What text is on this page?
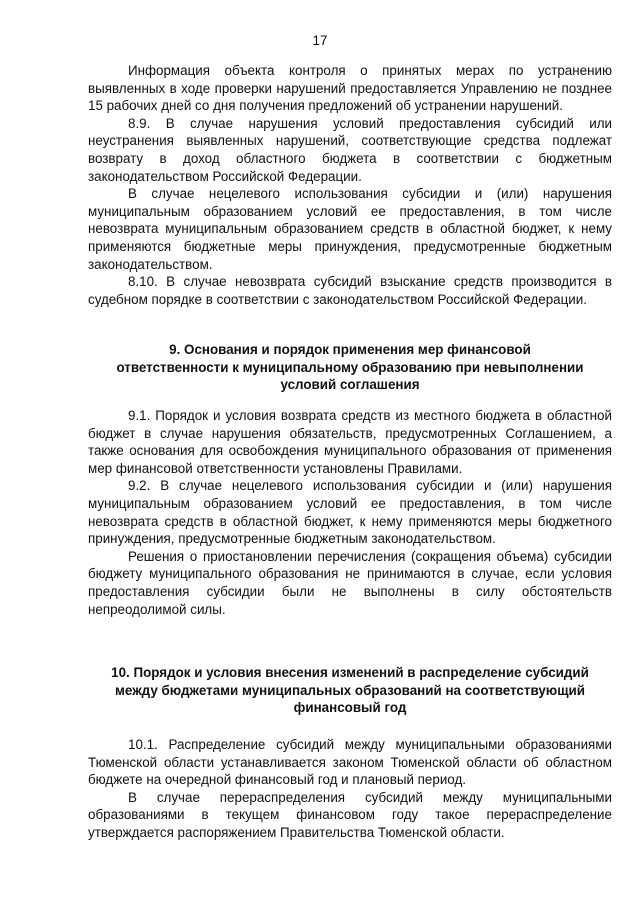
17

Информация объекта контроля о принятых мерах по устранению выявленных в ходе проверки нарушений предоставляется Управлению не позднее 15 рабочих дней со дня получения предложений об устранении нарушений.

8.9. В случае нарушения условий предоставления субсидий или неустранения выявленных нарушений, соответствующие средства подлежат возврату в доход областного бюджета в соответствии с бюджетным законодательством Российской Федерации.

В случае нецелевого использования субсидии и (или) нарушения муниципальным образованием условий ее предоставления, в том числе невозврата муниципальным образованием средств в областной бюджет, к нему применяются бюджетные меры принуждения, предусмотренные бюджетным законодательством.

8.10. В случае невозврата субсидий взыскание средств производится в судебном порядке в соответствии с законодательством Российской Федерации.

9. Основания и порядок применения мер финансовой

ответственности к муниципальному образованию при невыполнении

условий соглашения

9.1. Порядок и условия возврата средств из местного бюджета в областной бюджет в случае нарушения обязательств, предусмотренных Соглашением, а также основания для освобождения муниципального образования от применения мер финансовой ответственности установлены Правилами.

9.2. В случае нецелевого использования субсидии и (или) нарушения муниципальным образованием условий ее предоставления, в том числе невозврата средств в областной бюджет, к нему применяются меры бюджетного принуждения, предусмотренные бюджетным законодательством.

Решения о приостановлении перечисления (сокращения объема) субсидии бюджету муниципального образования не принимаются в случае, если условия предоставления субсидии были не выполнены в силу обстоятельств непреодолимой силы.

10. Порядок и условия внесения изменений в распределение субсидий

между бюджетами муниципальных образований на соответствующий

финансовый год

10.1. Распределение субсидий между муниципальными образованиями Тюменской области устанавливается законом Тюменской области об областном бюджете на очередной финансовый год и плановый период.

В случае перераспределения субсидий между муниципальными образованиями в текущем финансовом году такое перераспределение утверждается распоряжением Правительства Тюменской области.
